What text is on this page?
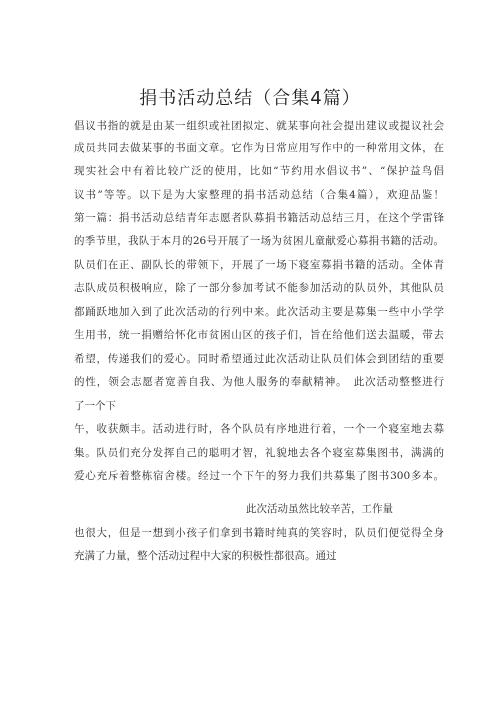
捐书活动总结（合集4篇）
倡议书指的就是由某一组织或社团拟定、就某事向社会提出建议或提议社会
成员共同去做某事的书面文章。它作为日常应用写作中的一种常用文体，在
现实社会中有着比较广泛的使用，比如“节约用水倡议书”、“保护益鸟倡
议书”等等。以下是为大家整理的捐书活动总结（合集4篇），欢迎品鉴！
第一篇：捐书活动总结青年志愿者队募捐书籍活动总结三月，在这个学雷锋
的季节里，我队于本月的26号开展了一场为贫困儿童献爱心募捐书籍的活动。
队员们在正、副队长的带领下，开展了一场下寝室募捐书籍的活动。全体青
志队成员积极响应，除了一部分参加考试不能参加活动的队员外，其他队员
都踊跃地加入到了此次活动的行列中来。此次活动主要是募集一些中小学学
生用书，统一捐赠给怀化市贫困山区的孩子们，旨在给他们送去温暖，带去
希望，传递我们的爱心。同时希望通过此次活动让队员们体会到团结的重要
的性，领会志愿者宽善自我、为他人服务的奉献精神。　此次活动整整进行
了一个下
午，收获颇丰。活动进行时，各个队员有序地进行着，一个一个寝室地去募
集。队员们充分发挥自己的聪明才智，礼貌地去各个寝室募集图书，满满的
爱心充斥着整栋宿舍楼。经过一个下午的努力我们共募集了图书300多本。
此次活动虽然比较辛苦，工作量
也很大，但是一想到小孩子们拿到书籍时纯真的笑容时，队员们便觉得全身
充满了力量，整个活动过程中大家的积极性都很高。通过
